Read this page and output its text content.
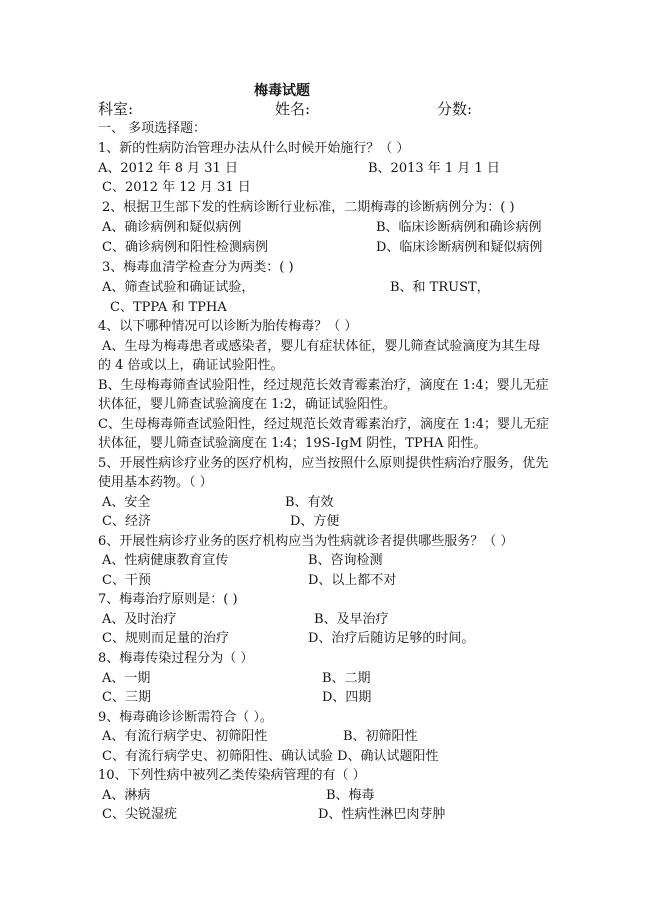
梅毒试题
科室:	姓名:	分数:
一、 多项选择题：
1、新的性病防治管理办法从什么时候开始施行？（ ）
A、2012 年 8 月 31 日	B、2013 年 1 月 1 日
C、2012 年 12 月 31 日
2、根据卫生部下发的性病诊断行业标准，二期梅毒的诊断病例分为：( )
A、确诊病例和疑似病例	B、临床诊断病例和确诊病例
C、确诊病例和阳性检测病例	D、临床诊断病例和疑似病例
3、梅毒血清学检查分为两类：( )
A、筛查试验和确证试验，	B、和 TRUST，
C、TPPA 和 TPHA
4、以下哪种情况可以诊断为胎传梅毒？（ ）
A、生母为梅毒患者或感染者，婴儿有症状体征，婴儿筛查试验滴度为其生母
的 4 倍或以上，确证试验阳性。
B、生母梅毒筛查试验阳性，经过规范长效青霉素治疗，滴度在 1:4；婴儿无症
状体征，婴儿筛查试验滴度在 1:2，确证试验阳性。
C、生母梅毒筛查试验阳性，经过规范长效青霉素治疗，滴度在 1:4；婴儿无症
状体征，婴儿筛查试验滴度在 1:4；19S-IgM 阴性，TPHA 阳性。
5、开展性病诊疗业务的医疗机构，应当按照什么原则提供性病治疗服务，优先
使用基本药物。（ ）
A、安全	B、有效
C、经济	D、方便
6、开展性病诊疗业务的医疗机构应当为性病就诊者提供哪些服务？（ ）
A、性病健康教育宣传	B、咨询检测
C、干预	D、以上都不对
7、梅毒治疗原则是：( )
A、及时治疗	B、及早治疗
C、规则而足量的治疗	D、治疗后随访足够的时间。
8、梅毒传染过程分为（ ）
A、一期	B、二期
C、三期	D、四期
9、梅毒确诊诊断需符合（ ）。
A、有流行病学史、初筛阳性	B、初筛阳性
C、有流行病学史、初筛阳性、确认试验 D、确认试题阳性
10、下列性病中被列乙类传染病管理的有（ ）
A、淋病	B、梅毒
C、尖锐湿疣	D、性病性淋巴肉芽肿
